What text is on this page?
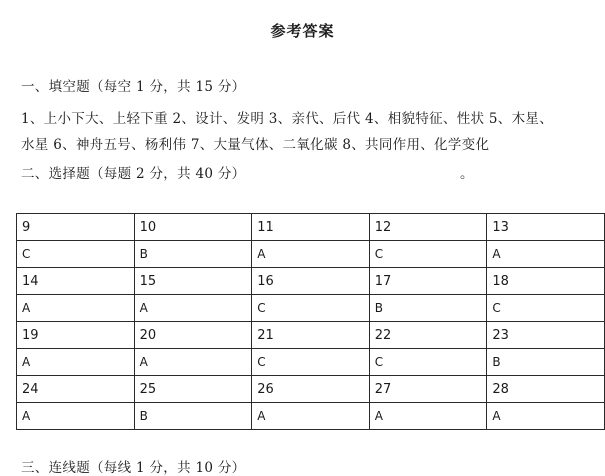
参考答案
一、填空题（每空 1 分，共 15 分）
1、上小下大、上轻下重 2、设计、发明 3、亲代、后代 4、相貌特征、性状 5、木星、
水星 6、神舟五号、杨利伟 7、大量气体、二氧化碳 8、共同作用、化学变化
二、选择题（每题 2 分，共 40 分）	。
9	10	11	12	13
C	B	A	C	A
14	15	16	17	18
A	A	C	B	C
19	20	21	22	23
A	A	C	C	B
24	25	26	27	28
A	B	A	A	A
三、连线题（每线 1 分，共 10 分）
